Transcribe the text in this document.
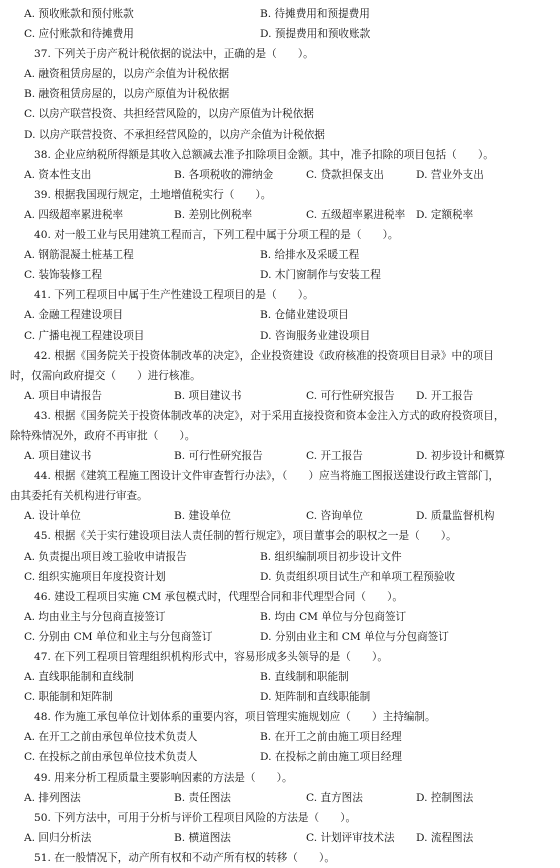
A. 预收账款和预付账款	B. 待摊费用和预提费用
C. 应付账款和待摊费用	D. 预提费用和预收账款
37. 下列关于房产税计税依据的说法中，正确的是（　　）。
A. 融资租赁房屋的，以房产余值为计税依据
B. 融资租赁房屋的，以房产原值为计税依据
C. 以房产联营投资、共担经营风险的，以房产原值为计税依据
D. 以房产联营投资、不承担经营风险的，以房产余值为计税依据
38. 企业应纳税所得额是其收入总额减去准予扣除项目金额。其中，准予扣除的项目包括（　　）。
A. 资本性支出	B. 各项税收的滞纳金	C. 贷款担保支出	D. 营业外支出
39. 根据我国现行规定，土地增值税实行（　　）。
A. 四级超率累进税率	B. 差别比例税率	C. 五级超率累进税率 D. 定额税率
40. 对一般工业与民用建筑工程而言，下列工程中属于分项工程的是（　　）。
A. 钢筋混凝土桩基工程	B. 给排水及采暖工程
C. 装饰装修工程	D. 木门窗制作与安装工程
41. 下列工程项目中属于生产性建设工程项目的是（　　）。
A. 金融工程建设项目	B. 仓储业建设项目
C. 广播电视工程建设项目	D. 咨询服务业建设项目
42. 根据《国务院关于投资体制改革的决定》，企业投资建设《政府核准的投资项目目录》中的项目
时，仅需向政府提交（　　）进行核准。
A. 项目申请报告	B. 项目建议书	C. 可行性研究报告 D. 开工报告
43. 根据《国务院关于投资体制改革的决定》，对于采用直接投资和资本金注入方式的政府投资项目，
除特殊情况外，政府不再审批（　　）。
A. 项目建议书	B. 可行性研究报告	C. 开工报告	D. 初步设计和概算
44. 根据《建筑工程施工图设计文件审查暂行办法》，（　　）应当将施工图报送建设行政主管部门，
由其委托有关机构进行审查。
A. 设计单位	B. 建设单位	C. 咨询单位	D. 质量监督机构
45. 根据《关于实行建设项目法人责任制的暂行规定》，项目董事会的职权之一是（　　）。
A. 负责提出项目竣工验收申请报告	B. 组织编制项目初步设计文件
C. 组织实施项目年度投资计划	D. 负责组织项目试生产和单项工程预验收
46. 建设工程项目实施 CM 承包模式时，代理型合同和非代理型合同（　　）。
A. 均由业主与分包商直接签订	B. 均由 CM 单位与分包商签订
C. 分别由 CM 单位和业主与分包商签订	D. 分别由业主和 CM 单位与分包商签订
47. 在下列工程项目管理组织机构形式中，容易形成多头领导的是（　　）。
A. 直线职能制和直线制	B. 直线制和职能制
C. 职能制和矩阵制	D. 矩阵制和直线职能制
48. 作为施工承包单位计划体系的重要内容，项目管理实施规划应（　　）主持编制。
A. 在开工之前由承包单位技术负责人	B. 在开工之前由施工项目经理
C. 在投标之前由承包单位技术负责人	D. 在投标之前由施工项目经理
49. 用来分析工程质量主要影响因素的方法是（　　）。
A. 排列图法	B. 责任图法	C. 直方图法	D. 控制图法
50. 下列方法中，可用于分析与评价工程项目风险的方法是（　　）。
A. 回归分析法	B. 横道图法	C. 计划评审技术法 D. 流程图法
51. 在一般情况下，动产所有权和不动产所有权的转移（　　）。
